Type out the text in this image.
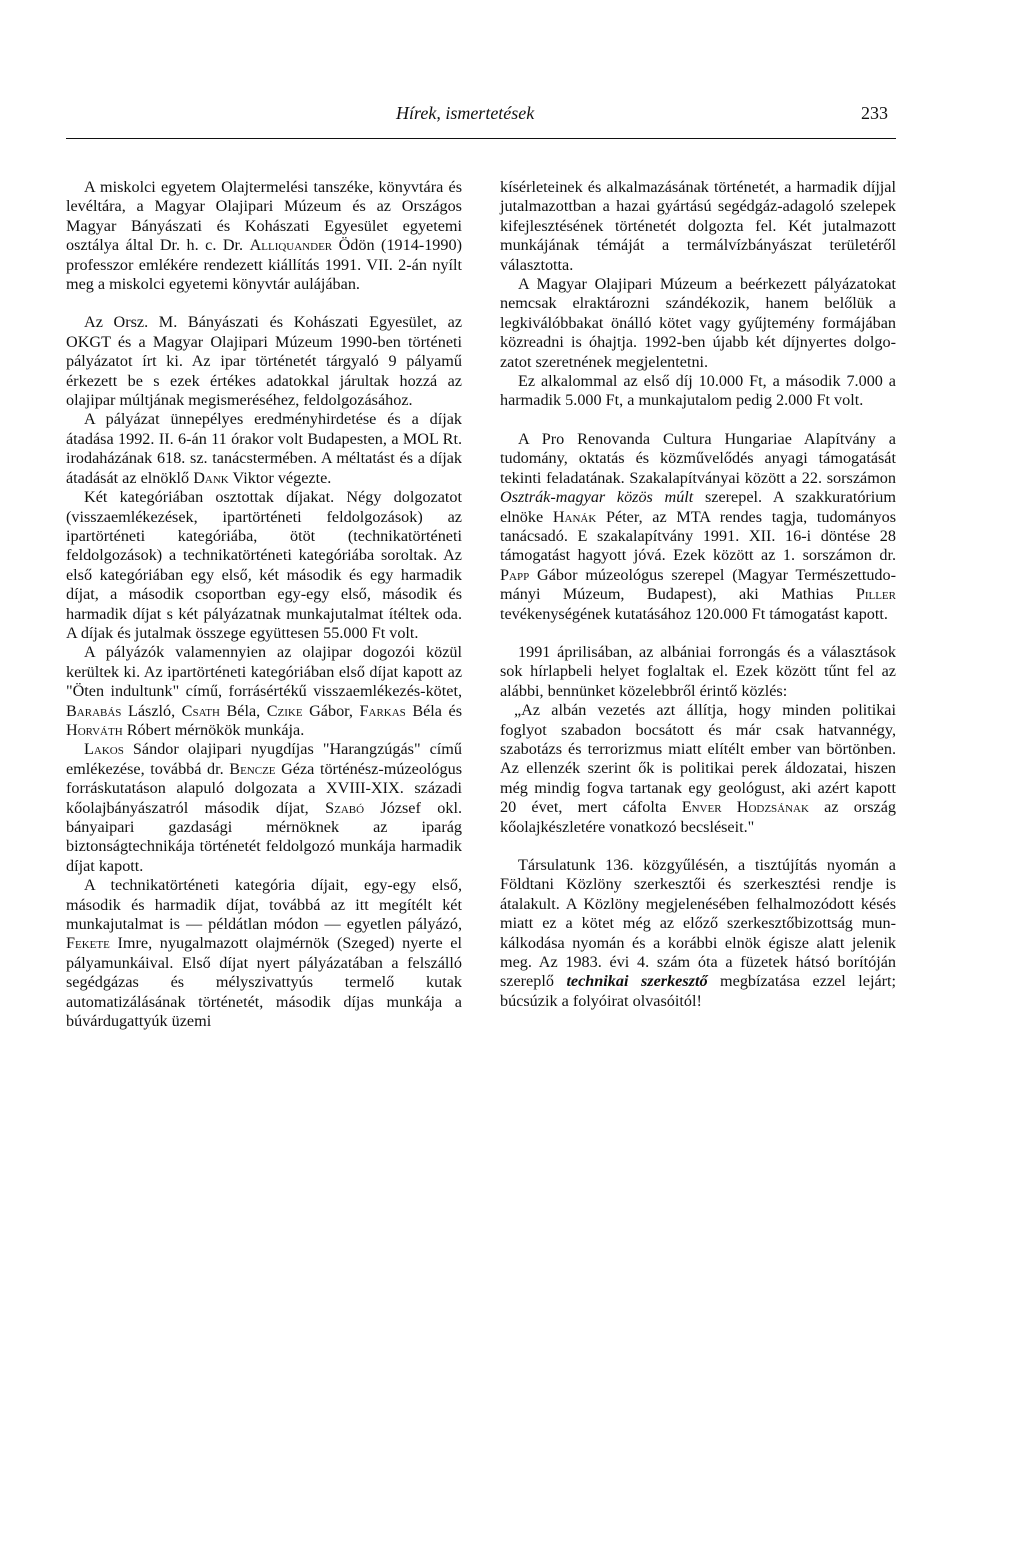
Hírek, ismertetések	233

A miskolci egyetem Olajtermelési tanszéke, könyvtára és levéltára, a Magyar Olajipari Múzeum és az Országos Magyar Bányászati és Kohászati Egyesület egyetemi osztálya által Dr. h. c. Dr. Alliquander Ödön (1914-1990) professzor emlékére rendezett kiállítás 1991. VII. 2-án nyílt meg a miskolci egyetemi könyvtár aulájában.

Az Orsz. M. Bányászati és Kohászati Egyesület, az OKGT és a Magyar Olajipari Múzeum 1990-ben történeti pályázatot írt ki. Az ipar történetét tárgyaló 9 pályamű érkezett be s ezek értékes adatokkal járultak hozzá az olajipar múltjának megismeréséhez, feldolgozásához.

A pályázat ünnepélyes eredményhirdetése és a díjak átadása 1992. II. 6-án 11 órakor volt Budapesten, a MOL Rt. irodaházának 618. sz. tanácstermében. A méltatást és a díjak átadását az elnöklő Dank Viktor végezte.

Két kategóriában osztottak díjakat. Négy dolgozatot (visszaemlékezések, ipartörténeti feldolgozások) az ipartörténeti kategóriába, ötöt (technikatörténeti feldolgozások) a technikatörténeti kategóriába soroltak. Az első kategóriában egy első, két második és egy harmadik díjat, a második csoportban egy-egy első, második és harmadik díjat s két pályázatnak munkajutalmat ítéltek oda. A díjak és jutalmak összege együttesen 55.000 Ft volt.

A pályázók valamennyien az olajipar dogozói közül kerültek ki. Az ipartörténeti kategóriában első díjat kapott az "Öten indultunk" című, forrásértékű visszaemlékezés-kötet, Barabás László, Csath Béla, Czike Gábor, Farkas Béla és Horváth Róbert mérnökök munkája.

Lakos Sándor olajipari nyugdíjas "Harangzúgás" című emlékezése, továbbá dr. Bencze Géza történész-múzeológus forráskutatáson alapuló dolgozata a XVIII-XIX. századi kőolajbányászatról második díjat, Szabó József okl. bányaipari gazdasági mérnöknek az iparág biztonságtechnikája történetét feldolgozó munkája harmadik díjat kapott.

A technikatörténeti kategória díjait, egy-egy első, második és harmadik díjat, továbbá az itt megítélt két munkajutalmat is — példátlan módon — egyetlen pályázó, Fekete Imre, nyugalmazott olajmérnök (Szeged) nyerte el pályamunkáival. Első díjat nyert pályázatában a felszálló segédgázas és mélyszivattyús termelő kutak automatizálásának történetét, második díjas munkája a búvárdugattyúk üzemi

kísérleteinek és alkalmazásának történetét, a harmadik díjjal jutalmazottban a hazai gyártású segédgáz-adagoló szelepek kifejlesztésének történetét dolgozta fel. Két jutalmazott munkájának témáját a termálvízbányászat területéről választotta.

A Magyar Olajipari Múzeum a beérkezett pályázatokat nemcsak elraktározni szándékozik, hanem belőlük a legkiválóbbakat önálló kötet vagy gyűjtemény formájában közreadni is óhajtja. 1992-ben újabb két díjnyertes dolgozatot szeretnének megjelentetni.

Ez alkalommal az első díj 10.000 Ft, a második 7.000 a harmadik 5.000 Ft, a munkajutalom pedig 2.000 Ft volt.

A Pro Renovanda Cultura Hungariae Alapítvány a tudomány, oktatás és közművelődés anyagi támogatását tekinti feladatának. Szakalapítványai között a 22. sorszámon Osztrák-magyar közös múlt szerepel. A szakkuratórium elnöke Hanák Péter, az MTA rendes tagja, tudományos tanácsadó. E szakalapítvány 1991. XII. 16-i döntése 28 támogatást hagyott jóvá. Ezek között az 1. sorszámon dr. Papp Gábor múzeológus szerepel (Magyar Természettudományi Múzeum, Budapest), aki Mathias Piller tevékenységének kutatásához 120.000 Ft támogatást kapott.

1991 áprilisában, az albániai forrongás és a választások sok hírlapbeli helyet foglaltak el. Ezek között tűnt fel az alábbi, bennünket közelebbről érintő közlés:

„Az albán vezetés azt állítja, hogy minden politikai foglyot szabadon bocsátott és már csak hatvannégy, szabotázs és terrorizmus miatt elítélt ember van börtönben. Az ellenzék szerint ők is politikai perek áldozatai, hiszen még mindig fogva tartanak egy geológust, aki azért kapott 20 évet, mert cáfolta Enver Hodzsának az ország kőolajkészletére vonatkozó becsléseit."

Társulatunk 136. közgyűlésén, a tisztújítás nyomán a Földtani Közlöny szerkesztői és szerkesztési rendje is átalakult. A Közlöny megjelenésében felhalmozódott késés miatt ez a kötet még az előző szerkesztőbizottság munkálkodása nyomán és a korábbi elnök égisze alatt jelenik meg. Az 1983. évi 4. szám óta a füzetek hátsó borítóján szereplő technikai szerkesztő megbízatása ezzel lejárt; búcsúzik a folyóirat olvasóitól!
